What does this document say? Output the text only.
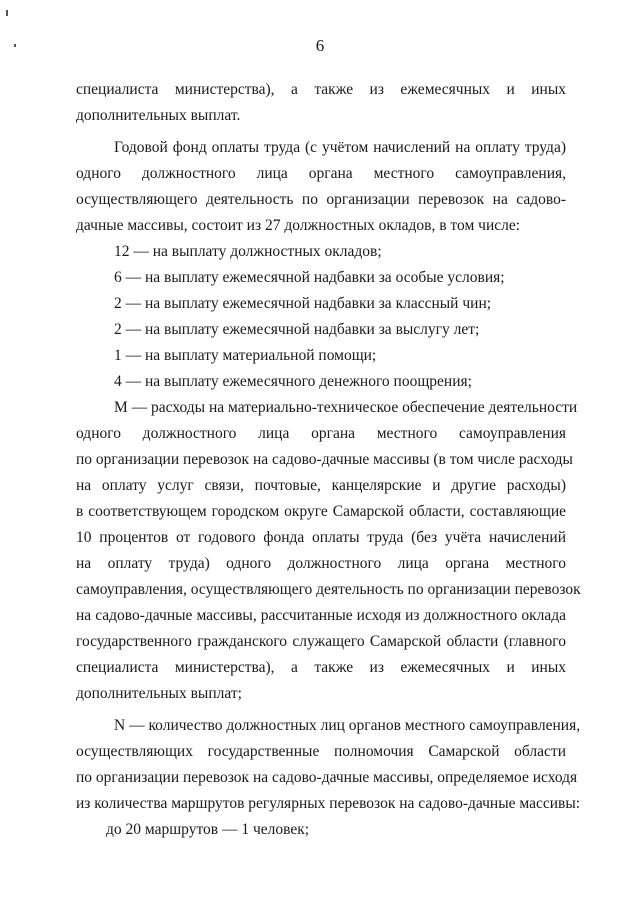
6
специалиста министерства), а также из ежемесячных и иных
дополнительных выплат.
Годовой фонд оплаты труда (с учётом начислений на оплату труда)
одного должностного лица органа местного самоуправления,
осуществляющего деятельность по организации перевозок на садово-
дачные массивы, состоит из 27 должностных окладов, в том числе:
12 — на выплату должностных окладов;
6 — на выплату ежемесячной надбавки за особые условия;
2 — на выплату ежемесячной надбавки за классный чин;
2 — на выплату ежемесячной надбавки за выслугу лет;
1 — на выплату материальной помощи;
4 — на выплату ежемесячного денежного поощрения;
М — расходы на материально-техническое обеспечение деятельности
одного должностного лица органа местного самоуправления
по организации перевозок на садово-дачные массивы (в том числе расходы
на оплату услуг связи, почтовые, канцелярские и другие расходы)
в соответствующем городском округе Самарской области, составляющие
10 процентов от годового фонда оплаты труда (без учёта начислений
на оплату труда) одного должностного лица органа местного
самоуправления, осуществляющего деятельность по организации перевозок
на садово-дачные массивы, рассчитанные исходя из должностного оклада
государственного гражданского служащего Самарской области (главного
специалиста министерства), а также из ежемесячных и иных
дополнительных выплат;
N — количество должностных лиц органов местного самоуправления,
осуществляющих государственные полномочия Самарской области
по организации перевозок на садово-дачные массивы, определяемое исходя
из количества маршрутов регулярных перевозок на садово-дачные массивы:
до 20 маршрутов — 1 человек;
